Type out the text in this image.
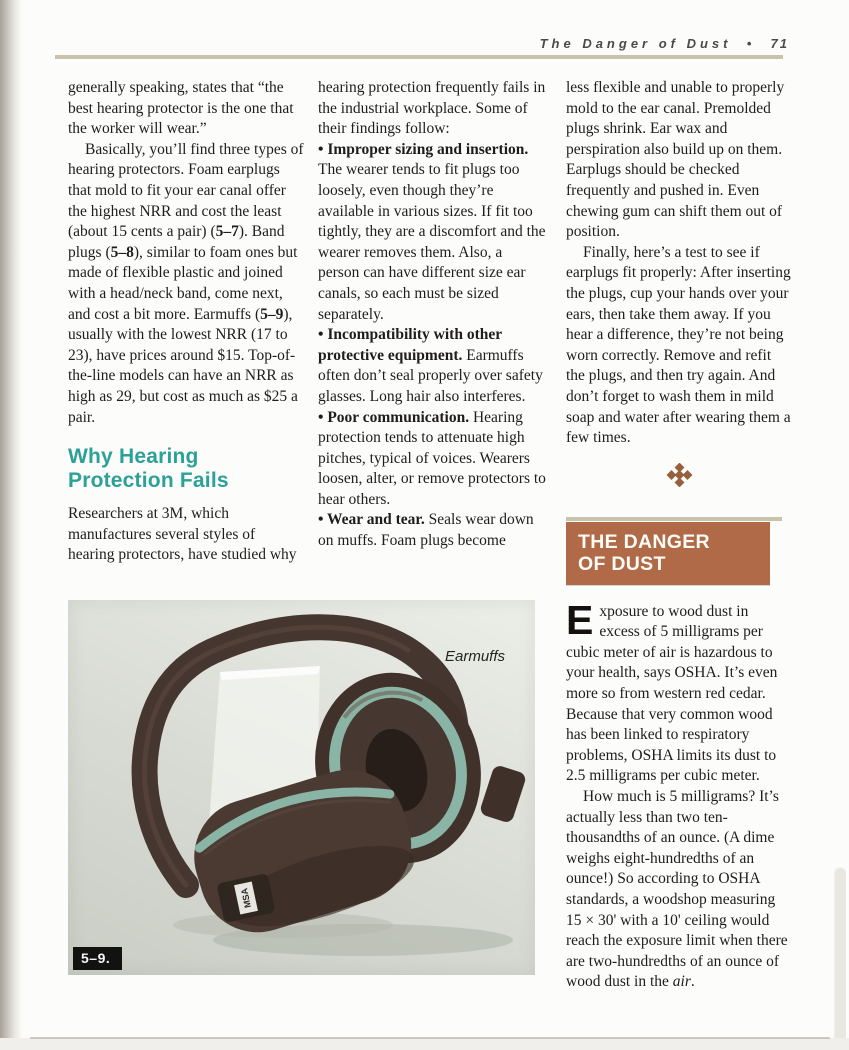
The Danger of Dust • 71

generally speaking, states that “the best hearing protector is the one that the worker will wear.”

Basically, you’ll find three types of hearing protectors. Foam earplugs that mold to fit your ear canal offer the highest NRR and cost the least (about 15 cents a pair) (5–7). Band plugs (5–8), similar to foam ones but made of flexible plastic and joined with a head/neck band, come next, and cost a bit more. Earmuffs (5–9), usually with the lowest NRR (17 to 23), have prices around $15. Top-of-the-line models can have an NRR as high as 29, but cost as much as $25 a pair.

Why Hearing
Protection Fails

Researchers at 3M, which manufactures several styles of hearing protectors, have studied why

hearing protection frequently fails in the industrial workplace. Some of their findings follow:

• Improper sizing and insertion. The wearer tends to fit plugs too loosely, even though they’re available in various sizes. If fit too tightly, they are a discomfort and the wearer removes them. Also, a person can have different size ear canals, so each must be sized separately.

• Incompatibility with other protective equipment. Earmuffs often don’t seal properly over safety glasses. Long hair also interferes.

• Poor communication. Hearing protection tends to attenuate high pitches, typical of voices. Wearers loosen, alter, or remove protectors to hear others.

• Wear and tear. Seals wear down on muffs. Foam plugs become

less flexible and unable to properly mold to the ear canal. Premolded plugs shrink. Ear wax and perspiration also build up on them. Earplugs should be checked frequently and pushed in. Even chewing gum can shift them out of position.

Finally, here’s a test to see if earplugs fit properly: After inserting the plugs, cup your hands over your ears, then take them away. If you hear a difference, they’re not being worn correctly. Remove and refit the plugs, and then try again. And don’t forget to wash them in mild soap and water after wearing them a few times.

THE DANGER
OF DUST

Exposure to wood dust in excess of 5 milligrams per cubic meter of air is hazardous to your health, says OSHA. It’s even more so from western red cedar. Because that very common wood has been linked to respiratory problems, OSHA limits its dust to 2.5 milligrams per cubic meter.

How much is 5 milligrams? It’s actually less than two ten-thousandths of an ounce. (A dime weighs eight-hundredths of an ounce!) So according to OSHA standards, a woodshop measuring 15 × 30' with a 10' ceiling would reach the exposure limit when there are two-hundredths of an ounce of wood dust in the air.

MSA
Earmuffs
5–9.
